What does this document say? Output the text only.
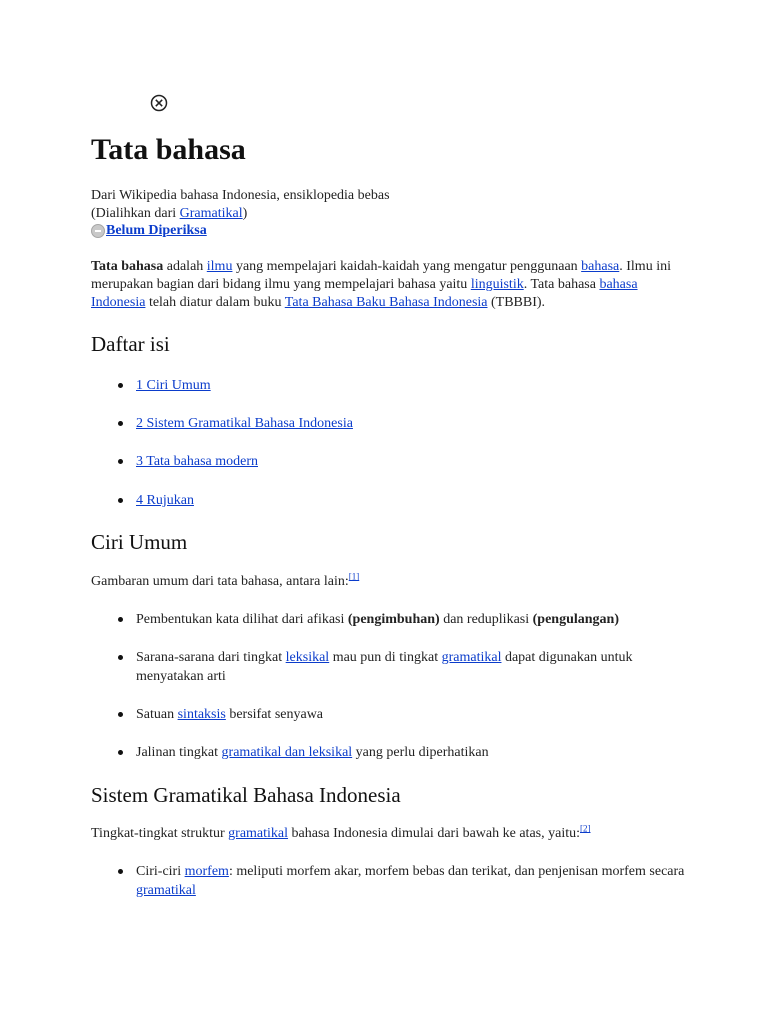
Tata bahasa
Dari Wikipedia bahasa Indonesia, ensiklopedia bebas
(Dialihkan dari Gramatikal)
Belum Diperiksa
Tata bahasa adalah ilmu yang mempelajari kaidah-kaidah yang mengatur penggunaan bahasa. Ilmu ini merupakan bagian dari bidang ilmu yang mempelajari bahasa yaitu linguistik. Tata bahasa bahasa Indonesia telah diatur dalam buku Tata Bahasa Baku Bahasa Indonesia (TBBBI).
Daftar isi
1 Ciri Umum
2 Sistem Gramatikal Bahasa Indonesia
3 Tata bahasa modern
4 Rujukan
Ciri Umum
Gambaran umum dari tata bahasa, antara lain:[1]
Pembentukan kata dilihat dari afikasi (pengimbuhan) dan reduplikasi (pengulangan)
Sarana-sarana dari tingkat leksikal mau pun di tingkat gramatikal dapat digunakan untuk menyatakan arti
Satuan sintaksis bersifat senyawa
Jalinan tingkat gramatikal dan leksikal yang perlu diperhatikan
Sistem Gramatikal Bahasa Indonesia
Tingkat-tingkat struktur gramatikal bahasa Indonesia dimulai dari bawah ke atas, yaitu:[2]
Ciri-ciri morfem: meliputi morfem akar, morfem bebas dan terikat, dan penjenisan morfem secara gramatikal
